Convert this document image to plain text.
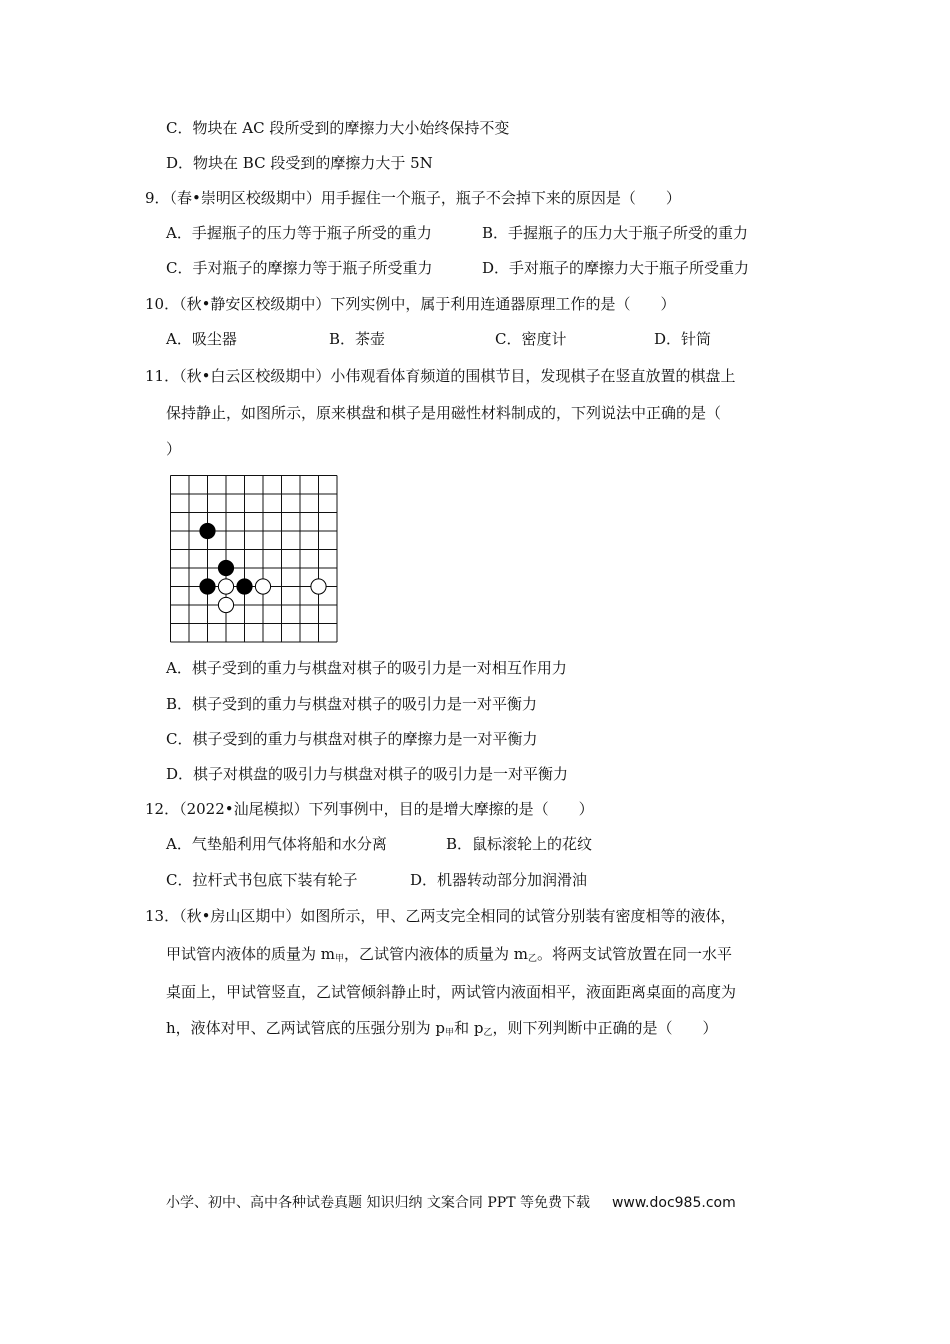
C．物块在 AC 段所受到的摩擦力大小始终保持不变
D．物块在 BC 段受到的摩擦力大于 5N
9．（春•崇明区校级期中）用手握住一个瓶子，瓶子不会掉下来的原因是（　　）
A．手握瓶子的压力等于瓶子所受的重力	B．手握瓶子的压力大于瓶子所受的重力
C．手对瓶子的摩擦力等于瓶子所受重力	D．手对瓶子的摩擦力大于瓶子所受重力
10．（秋•静安区校级期中）下列实例中，属于利用连通器原理工作的是（　　）
A．吸尘器	B．茶壶	C．密度计	D．针筒
11．（秋•白云区校级期中）小伟观看体育频道的围棋节目，发现棋子在竖直放置的棋盘上
保持静止，如图所示，原来棋盘和棋子是用磁性材料制成的，下列说法中正确的是（
）
A．棋子受到的重力与棋盘对棋子的吸引力是一对相互作用力
B．棋子受到的重力与棋盘对棋子的吸引力是一对平衡力
C．棋子受到的重力与棋盘对棋子的摩擦力是一对平衡力
D．棋子对棋盘的吸引力与棋盘对棋子的吸引力是一对平衡力
12．（2022•汕尾模拟）下列事例中，目的是增大摩擦的是（　　）
A．气垫船利用气体将船和水分离	B．鼠标滚轮上的花纹
C．拉杆式书包底下装有轮子	D．机器转动部分加润滑油
13．（秋•房山区期中）如图所示，甲、乙两支完全相同的试管分别装有密度相等的液体，
甲试管内液体的质量为 m甲，乙试管内液体的质量为 m乙。将两支试管放置在同一水平
桌面上，甲试管竖直，乙试管倾斜静止时，两试管内液面相平，液面距离桌面的高度为
h，液体对甲、乙两试管底的压强分别为 p甲和 p乙，则下列判断中正确的是（　　）
小学、初中、高中各种试卷真题 知识归纳 文案合同 PPT 等免费下载 www.doc985.com
